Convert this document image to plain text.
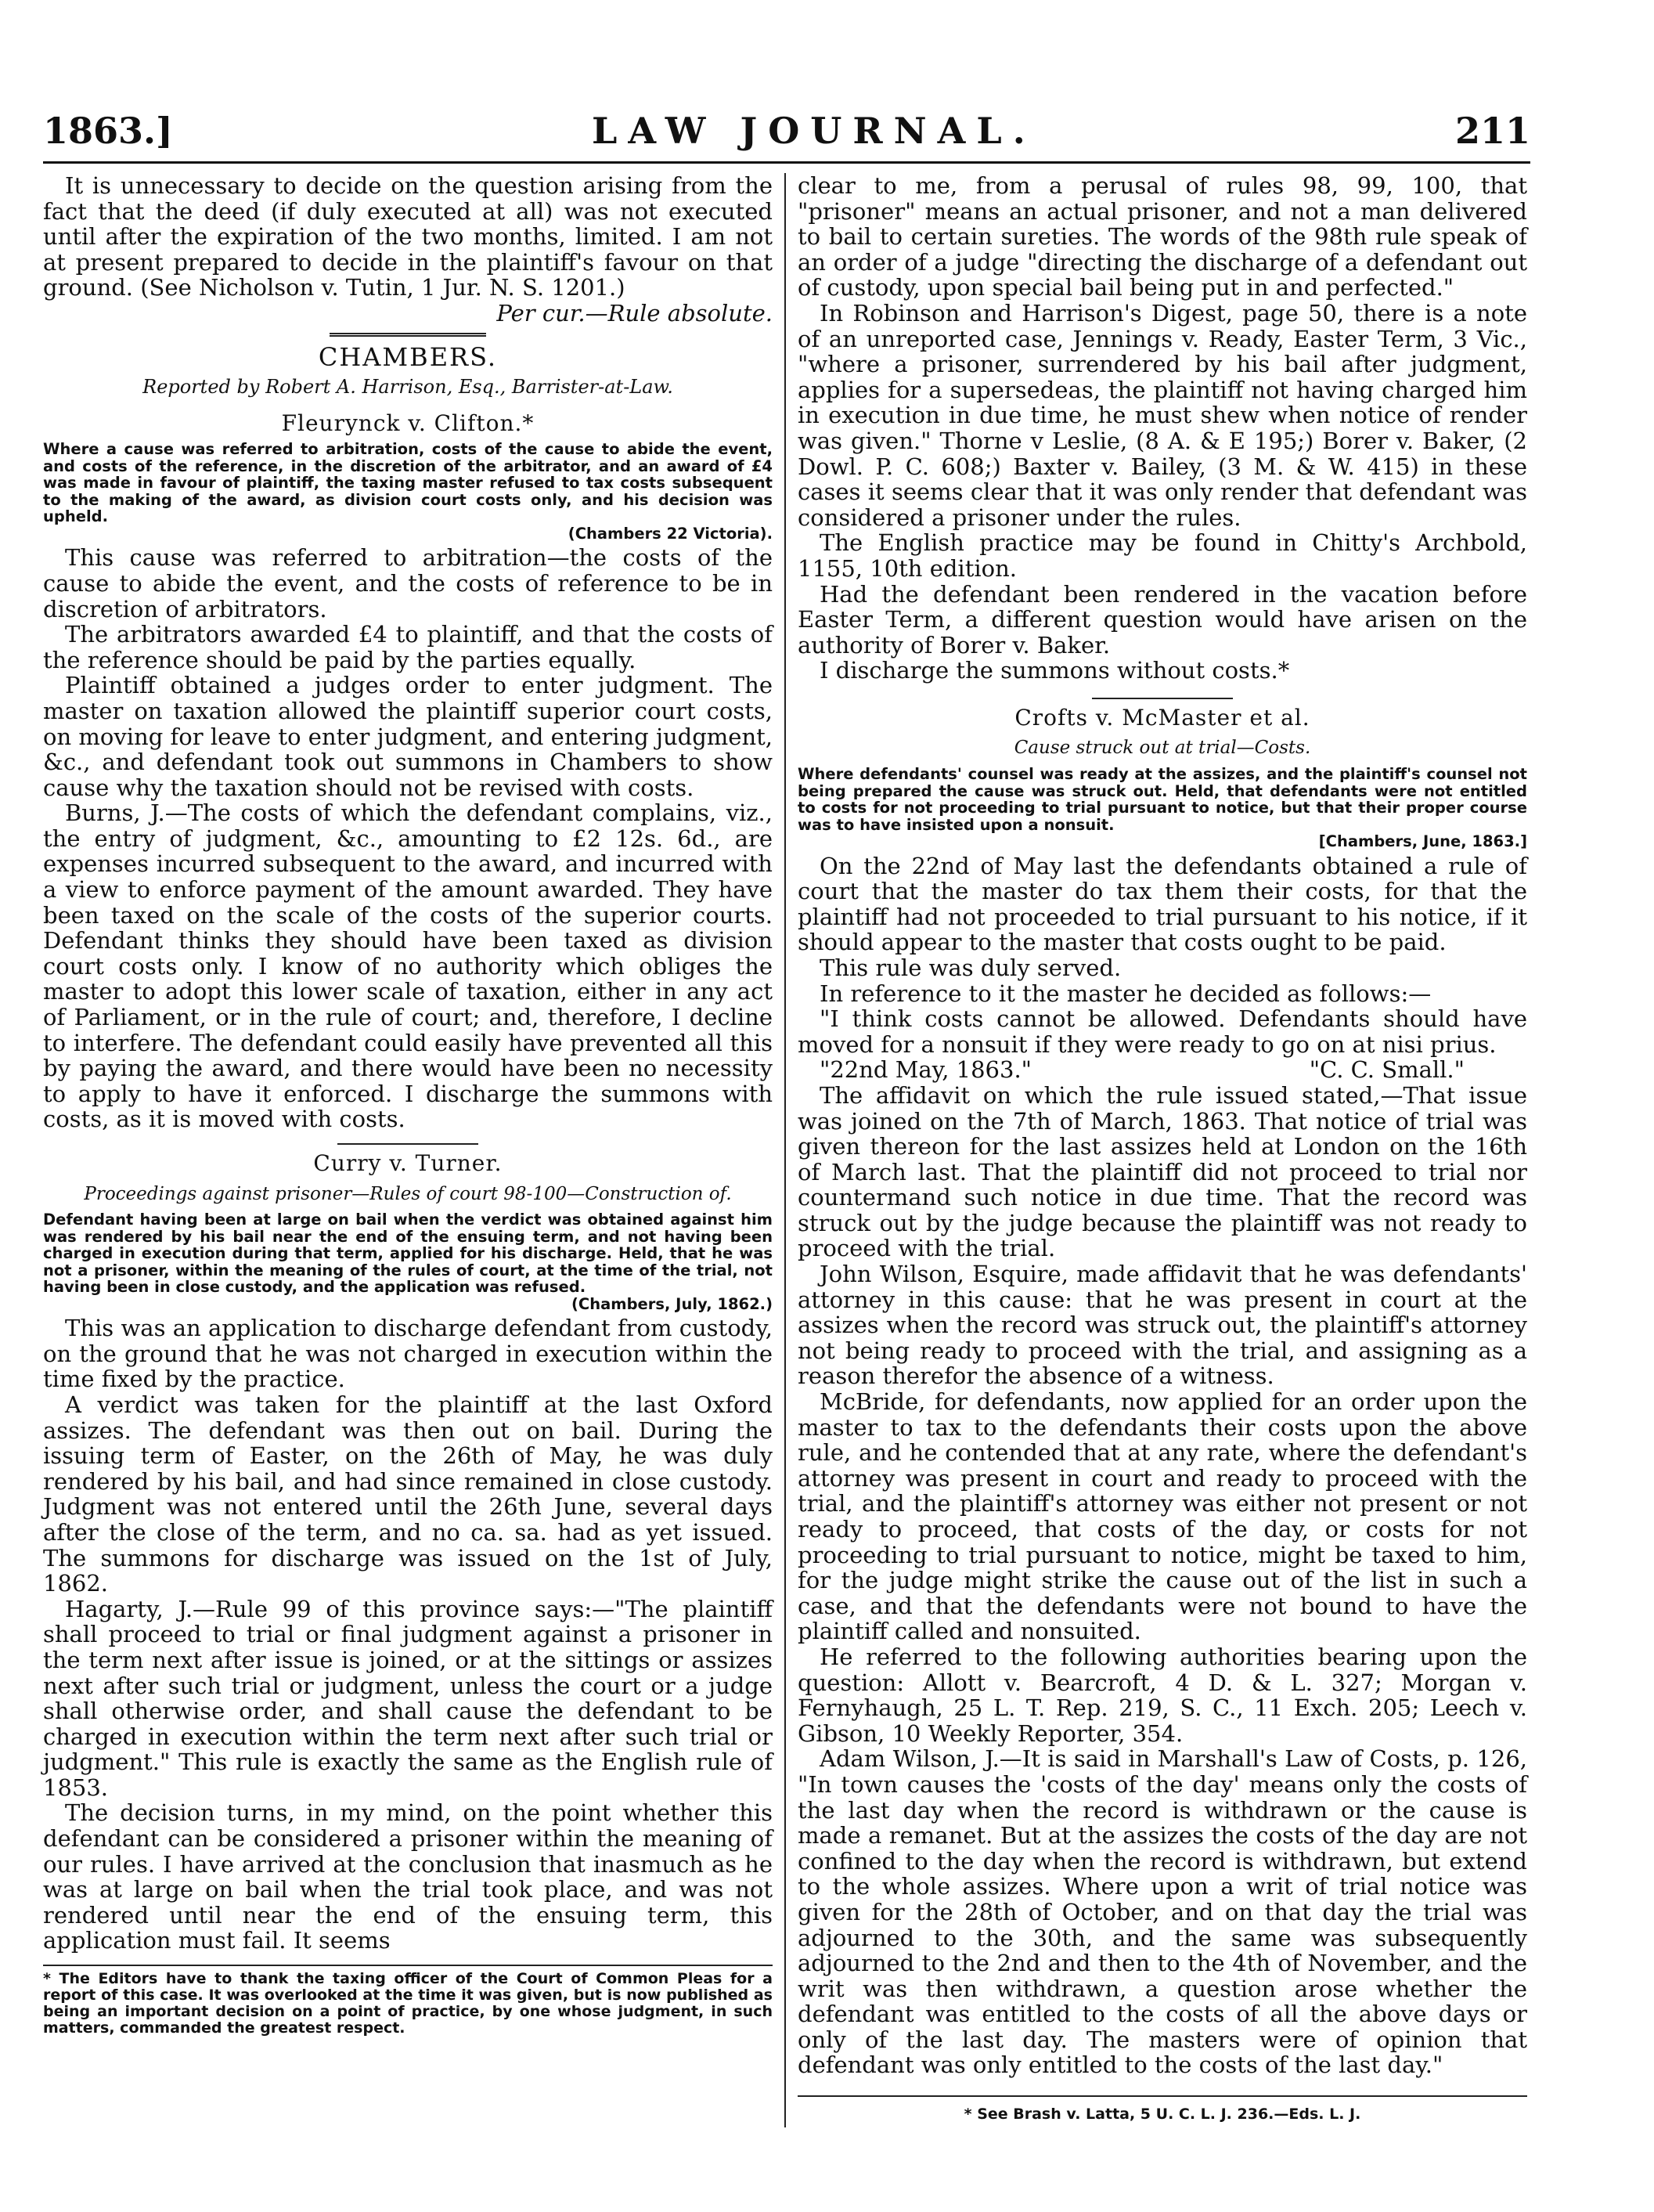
1863.]	LAW JOURNAL.	211

It is unnecessary to decide on the question arising from the fact that the deed (if duly executed at all) was not executed until after the expiration of the two months, limited. I am not at present prepared to decide in the plaintiff's favour on that ground. (See Nicholson v. Tutin, 1 Jur. N. S. 1201.)

Per cur.—Rule absolute.

CHAMBERS.
Reported by Robert A. Harrison, Esq., Barrister-at-Law.
Fleurynck v. Clifton.*
Where a cause was referred to arbitration, costs of the cause to abide the event, and costs of the reference, in the discretion of the arbitrator, and an award of £4 was made in favour of plaintiff, the taxing master refused to tax costs subsequent to the making of the award, as division court costs only, and his decision was upheld.
(Chambers 22 Victoria).

This cause was referred to arbitration—the costs of the cause to abide the event, and the costs of reference to be in discretion of arbitrators.

The arbitrators awarded £4 to plaintiff, and that the costs of the reference should be paid by the parties equally.

Plaintiff obtained a judges order to enter judgment. The master on taxation allowed the plaintiff superior court costs, on moving for leave to enter judgment, and entering judgment, &c., and defendant took out summons in Chambers to show cause why the taxation should not be revised with costs.

Burns, J.—The costs of which the defendant complains, viz., the entry of judgment, &c., amounting to £2 12s. 6d., are expenses incurred subsequent to the award, and incurred with a view to enforce payment of the amount awarded. They have been taxed on the scale of the costs of the superior courts. Defendant thinks they should have been taxed as division court costs only. I know of no authority which obliges the master to adopt this lower scale of taxation, either in any act of Parliament, or in the rule of court; and, therefore, I decline to interfere. The defendant could easily have prevented all this by paying the award, and there would have been no necessity to apply to have it enforced. I discharge the summons with costs, as it is moved with costs.

Curry v. Turner.
Proceedings against prisoner—Rules of court 98-100—Construction of.
Defendant having been at large on bail when the verdict was obtained against him was rendered by his bail near the end of the ensuing term, and not having been charged in execution during that term, applied for his discharge. Held, that he was not a prisoner, within the meaning of the rules of court, at the time of the trial, not having been in close custody, and the application was refused.
(Chambers, July, 1862.)

This was an application to discharge defendant from custody, on the ground that he was not charged in execution within the time fixed by the practice.

A verdict was taken for the plaintiff at the last Oxford assizes. The defendant was then out on bail. During the issuing term of Easter, on the 26th of May, he was duly rendered by his bail, and had since remained in close custody. Judgment was not entered until the 26th June, several days after the close of the term, and no ca. sa. had as yet issued. The summons for discharge was issued on the 1st of July, 1862.

Hagarty, J.—Rule 99 of this province says:—"The plaintiff shall proceed to trial or final judgment against a prisoner in the term next after issue is joined, or at the sittings or assizes next after such trial or judgment, unless the court or a judge shall otherwise order, and shall cause the defendant to be charged in execution within the term next after such trial or judgment." This rule is exactly the same as the English rule of 1853.

The decision turns, in my mind, on the point whether this defendant can be considered a prisoner within the meaning of our rules. I have arrived at the conclusion that inasmuch as he was at large on bail when the trial took place, and was not rendered until near the end of the ensuing term, this application must fail. It seems

* The Editors have to thank the taxing officer of the Court of Common Pleas for a report of this case. It was overlooked at the time it was given, but is now published as being an important decision on a point of practice, by one whose judgment, in such matters, commanded the greatest respect.

clear to me, from a perusal of rules 98, 99, 100, that "prisoner" means an actual prisoner, and not a man delivered to bail to certain sureties. The words of the 98th rule speak of an order of a judge "directing the discharge of a defendant out of custody, upon special bail being put in and perfected."

In Robinson and Harrison's Digest, page 50, there is a note of an unreported case, Jennings v. Ready, Easter Term, 3 Vic., "where a prisoner, surrendered by his bail after judgment, applies for a supersedeas, the plaintiff not having charged him in execution in due time, he must shew when notice of render was given." Thorne v Leslie, (8 A. & E 195;) Borer v. Baker, (2 Dowl. P. C. 608;) Baxter v. Bailey, (3 M. & W. 415) in these cases it seems clear that it was only render that defendant was considered a prisoner under the rules.

The English practice may be found in Chitty's Archbold, 1155, 10th edition.

Had the defendant been rendered in the vacation before Easter Term, a different question would have arisen on the authority of Borer v. Baker.

I discharge the summons without costs.*

Crofts v. McMaster et al.
Cause struck out at trial—Costs.
Where defendants' counsel was ready at the assizes, and the plaintiff's counsel not being prepared the cause was struck out. Held, that defendants were not entitled to costs for not proceeding to trial pursuant to notice, but that their proper course was to have insisted upon a nonsuit.
[Chambers, June, 1863.]

On the 22nd of May last the defendants obtained a rule of court that the master do tax them their costs, for that the plaintiff had not proceeded to trial pursuant to his notice, if it should appear to the master that costs ought to be paid.

This rule was duly served.

In reference to it the master he decided as follows:—

"I think costs cannot be allowed. Defendants should have moved for a nonsuit if they were ready to go on at nisi prius.

"22nd May, 1863."	"C. C. Small."

The affidavit on which the rule issued stated,—That issue was joined on the 7th of March, 1863. That notice of trial was given thereon for the last assizes held at London on the 16th of March last. That the plaintiff did not proceed to trial nor countermand such notice in due time. That the record was struck out by the judge because the plaintiff was not ready to proceed with the trial.

John Wilson, Esquire, made affidavit that he was defendants' attorney in this cause: that he was present in court at the assizes when the record was struck out, the plaintiff's attorney not being ready to proceed with the trial, and assigning as a reason therefor the absence of a witness.

McBride, for defendants, now applied for an order upon the master to tax to the defendants their costs upon the above rule, and he contended that at any rate, where the defendant's attorney was present in court and ready to proceed with the trial, and the plaintiff's attorney was either not present or not ready to proceed, that costs of the day, or costs for not proceeding to trial pursuant to notice, might be taxed to him, for the judge might strike the cause out of the list in such a case, and that the defendants were not bound to have the plaintiff called and nonsuited.

He referred to the following authorities bearing upon the question: Allott v. Bearcroft, 4 D. & L. 327; Morgan v. Fernyhaugh, 25 L. T. Rep. 219, S. C., 11 Exch. 205; Leech v. Gibson, 10 Weekly Reporter, 354.

Adam Wilson, J.—It is said in Marshall's Law of Costs, p. 126, "In town causes the 'costs of the day' means only the costs of the last day when the record is withdrawn or the cause is made a remanet. But at the assizes the costs of the day are not confined to the day when the record is withdrawn, but extend to the whole assizes. Where upon a writ of trial notice was given for the 28th of October, and on that day the trial was adjourned to the 30th, and the same was subsequently adjourned to the 2nd and then to the 4th of November, and the writ was then withdrawn, a question arose whether the defendant was entitled to the costs of all the above days or only of the last day. The masters were of opinion that defendant was only entitled to the costs of the last day."

* See Brash v. Latta, 5 U. C. L. J. 236.—Eds. L. J.
